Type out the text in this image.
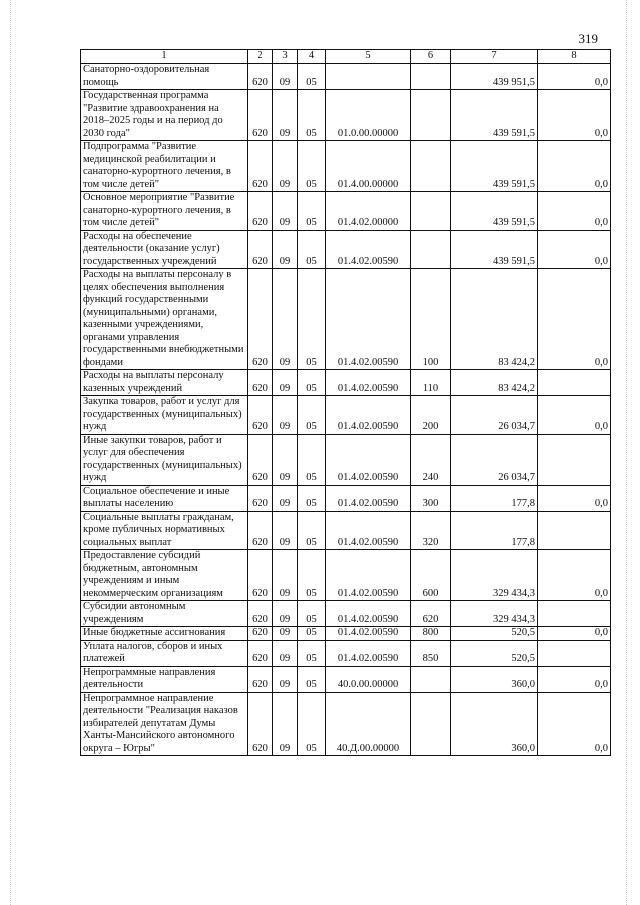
319
1	2	3	4	5	6	7	8
Санаторно-оздоровительная помощь	620	09	05			439 951,5	0,0
Государственная программа "Развитие здравоохранения на 2018–2025 годы и на период до 2030 года"	620	09	05	01.0.00.00000		439 591,5	0,0
Подпрограмма "Развитие медицинской реабилитации и санаторно-курортного лечения, в том числе детей"	620	09	05	01.4.00.00000		439 591,5	0,0
Основное мероприятие "Развитие санаторно-курортного лечения, в том числе детей"	620	09	05	01.4.02.00000		439 591,5	0,0
Расходы на обеспечение деятельности (оказание услуг) государственных учреждений	620	09	05	01.4.02.00590		439 591,5	0,0
Расходы на выплаты персоналу в целях обеспечения выполнения функций государственными (муниципальными) органами, казенными учреждениями, органами управления государственными внебюджетными фондами	620	09	05	01.4.02.00590	100	83 424,2	0,0
Расходы на выплаты персоналу казенных учреждений	620	09	05	01.4.02.00590	110	83 424,2	
Закупка товаров, работ и услуг для государственных (муниципальных) нужд	620	09	05	01.4.02.00590	200	26 034,7	0,0
Иные закупки товаров, работ и услуг для обеспечения государственных (муниципальных) нужд	620	09	05	01.4.02.00590	240	26 034,7	
Социальное обеспечение и иные выплаты населению	620	09	05	01.4.02.00590	300	177,8	0,0
Социальные выплаты гражданам, кроме публичных нормативных социальных выплат	620	09	05	01.4.02.00590	320	177,8	
Предоставление субсидий бюджетным, автономным учреждениям и иным некоммерческим организациям	620	09	05	01.4.02.00590	600	329 434,3	0,0
Субсидии автономным учреждениям	620	09	05	01.4.02.00590	620	329 434,3	
Иные бюджетные ассигнования	620	09	05	01.4.02.00590	800	520,5	0,0
Уплата налогов, сборов и иных платежей	620	09	05	01.4.02.00590	850	520,5	
Непрограммные направления деятельности	620	09	05	40.0.00.00000		360,0	0,0
Непрограммное направление деятельности "Реализация наказов избирателей депутатам Думы Ханты-Мансийского автономного округа – Югры"	620	09	05	40.Д.00.00000		360,0	0,0
